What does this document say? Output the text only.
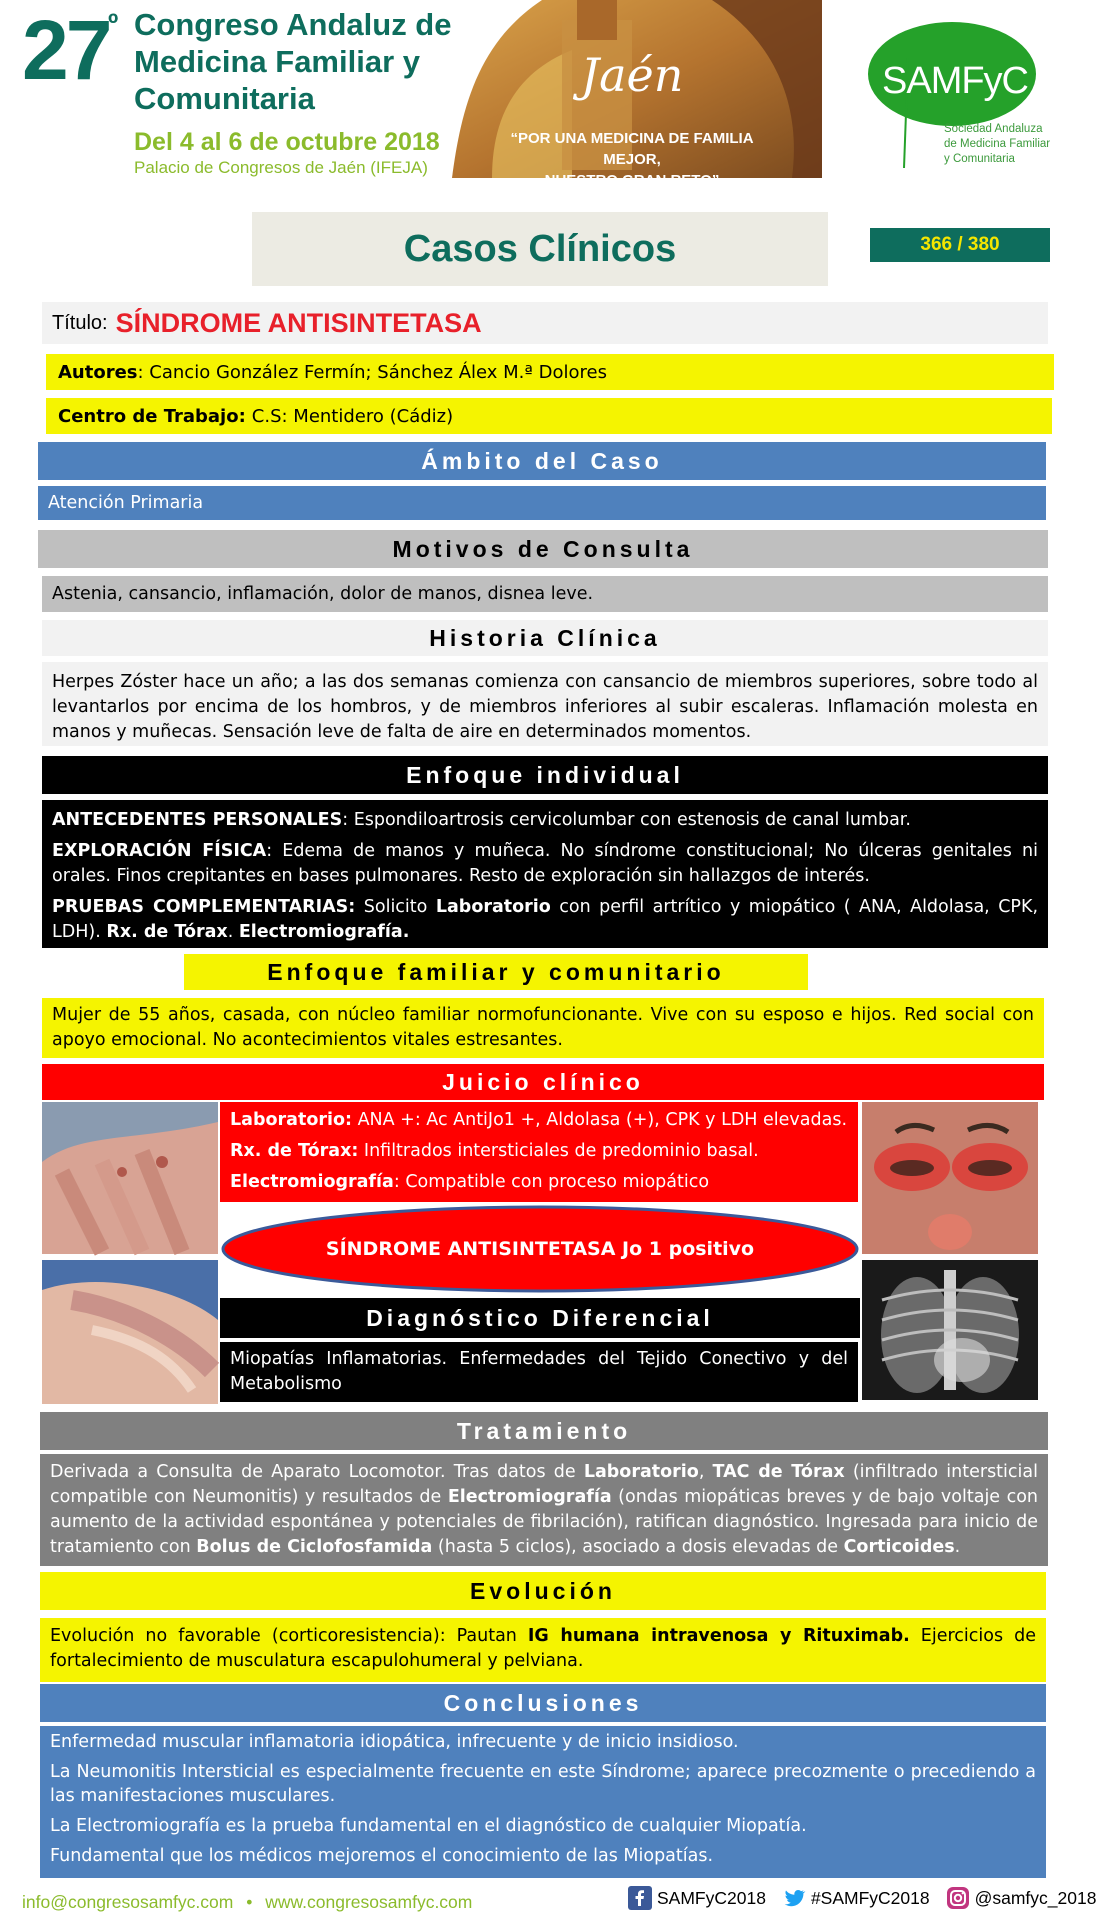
27
º Congreso Andaluz de Medicina Familiar y Comunitaria
Del 4 al 6 de octubre 2018
Palacio de Congresos de Jaén (IFEJA)
Jaén
“POR UNA MEDICINA DE FAMILIA MEJOR,
NUESTRO GRAN RETO”
SAMFyC
Sociedad Andaluza de Medicina Familiar y Comunitaria
Casos Clínicos	366 / 380
Título: SÍNDROME ANTISINTETASA
Autores : Cancio González Fermín; Sánchez Álex M.ª Dolores
Centro de Trabajo: C.S: Mentidero (Cádiz)
Ámbito del Caso
Atención Primaria
Motivos de Consulta
Astenia, cansancio, inflamación, dolor de manos, disnea leve.
Historia Clínica
Herpes Zóster hace un año; a las dos semanas comienza con cansancio de miembros superiores, sobre todo al levantarlos por encima de los hombros, y de miembros inferiores al subir escaleras. Inflamación molesta en manos y muñecas. Sensación leve de falta de aire en determinados momentos.
Enfoque individual

ANTECEDENTES PERSONALES: Espondiloartrosis cervicolumbar con estenosis de canal lumbar.

EXPLORACIÓN FÍSICA: Edema de manos y muñeca. No síndrome constitucional; No úlceras genitales ni orales. Finos crepitantes en bases pulmonares. Resto de exploración sin hallazgos de interés.

PRUEBAS COMPLEMENTARIAS: Solicito Laboratorio con perfil artrítico y miopático ( ANA, Aldolasa, CPK, LDH). Rx. de Tórax. Electromiografía.

Enfoque familiar y comunitario
Mujer de 55 años, casada, con núcleo familiar normofuncionante. Vive con su esposo e hijos. Red social con apoyo emocional. No acontecimientos vitales estresantes.
Juicio clínico

Laboratorio: ANA +: Ac AntiJo1 +, Aldolasa (+), CPK y LDH elevadas.

Rx. de Tórax: Infiltrados intersticiales de predominio basal.

Electromiografía: Compatible con proceso miopático

SÍNDROME ANTISINTETASA Jo 1 positivo
Diagnóstico Diferencial
Miopatías Inflamatorias. Enfermedades del Tejido Conectivo y del Metabolismo
Tratamiento
Derivada a Consulta de Aparato Locomotor. Tras datos de Laboratorio, TAC de Tórax (infiltrado intersticial compatible con Neumonitis) y resultados de Electromiografía (ondas miopáticas breves y de bajo voltaje con aumento de la actividad espontánea y potenciales de fibrilación), ratifican diagnóstico. Ingresada para inicio de tratamiento con Bolus de Ciclofosfamida (hasta 5 ciclos), asociado a dosis elevadas de Corticoides.
Evolución
Evolución no favorable (corticoresistencia): Pautan IG humana intravenosa y Rituximab. Ejercicios de fortalecimiento de musculatura escapulohumeral y pelviana.
Conclusiones

Enfermedad muscular inflamatoria idiopática, infrecuente y de inicio insidioso.

La Neumonitis Intersticial es especialmente frecuente en este Síndrome; aparece precozmente o precediendo a las manifestaciones musculares.

La Electromiografía es la prueba fundamental en el diagnóstico de cualquier Miopatía.

Fundamental que los médicos mejoremos el conocimiento de las Miopatías.

info@congresosamfyc.com • www.congresosamfyc.com	SAMFyC2018	#SAMFyC2018	@samfyc_2018
